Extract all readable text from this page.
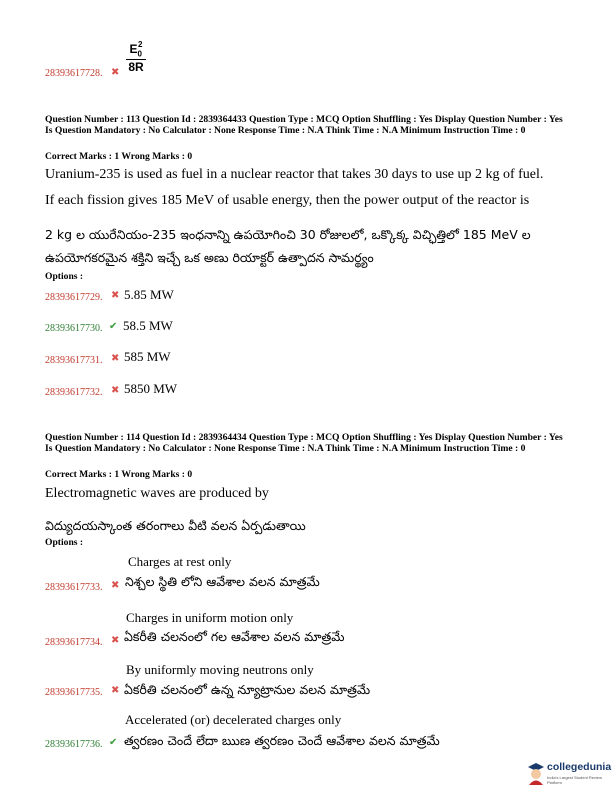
$\frac{E_0^2}{8R}$
28393617728. ✖
Question Number : 113 Question Id : 2839364433 Question Type : MCQ Option Shuffling : Yes Display Question Number : Yes Is Question Mandatory : No Calculator : None Response Time : N.A Think Time : N.A Minimum Instruction Time : 0
Correct Marks : 1 Wrong Marks : 0
Uranium-235 is used as fuel in a nuclear reactor that takes 30 days to use up 2 kg of fuel.
If each fission gives 185 MeV of usable energy, then the power output of the reactor is
2 kg ల యురేనియం-235 ఇంధనాన్ని ఉపయోగించి 30 రోజులలో, ఒక్కొక్క విచ్ఛిత్తిలో 185 MeV ల
ఉపయోగకరమైన శక్తిని ఇచ్చే ఒక అణు రియాక్టర్ ఉత్పాదన సామర్థ్యం
Options :
28393617729. ✖ 5.85 MW
28393617730. ✔ 58.5 MW
28393617731. ✖ 585 MW
28393617732. ✖ 5850 MW
Question Number : 114 Question Id : 2839364434 Question Type : MCQ Option Shuffling : Yes Display Question Number : Yes Is Question Mandatory : No Calculator : None Response Time : N.A Think Time : N.A Minimum Instruction Time : 0
Correct Marks : 1 Wrong Marks : 0
Electromagnetic waves are produced by
విద్యుదయస్కాంత తరంగాలు వీటి వలన ఏర్పడుతాయి
Options :
Charges at rest only
నిశ్చల స్థితి లోని ఆవేశాల వలన మాత్రమే
28393617733. ✖
Charges in uniform motion only
ఏకరీతి చలనంలో గల ఆవేశాల వలన మాత్రమే
28393617734. ✖
By uniformly moving neutrons only
ఏకరీతి చలనంలో ఉన్న న్యూట్రానుల వలన మాత్రమే
28393617735. ✖
Accelerated (or) decelerated charges only
త్వరణం చెందే లేదా ఋణ త్వరణం చెందే ఆవేశాల వలన మాత్రమే
28393617736. ✔
collegedunia
India's Largest Student Review Platform
